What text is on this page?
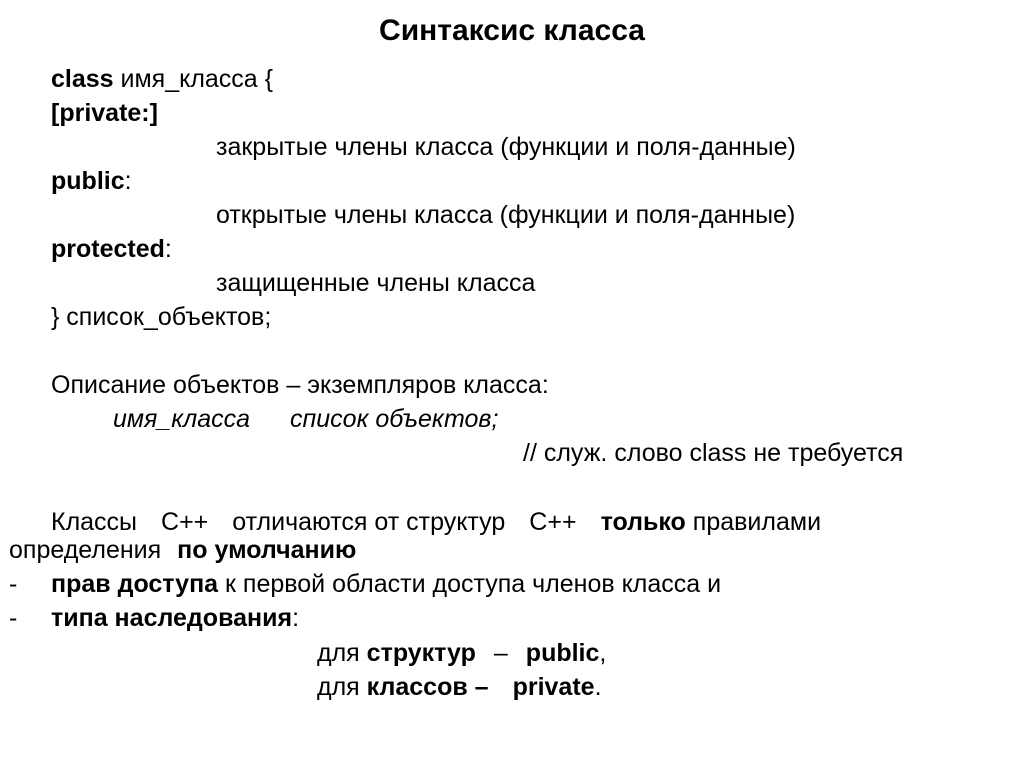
Синтаксис класса
class имя_класса {
[private:]
закрытые члены класса (функции и поля-данные)
public:
открытые члены класса (функции и поля-данные)
protected:
защищенные члены класса
} список_объектов;
Описание объектов – экземпляров класса:
имя_класса список объектов;
// служ. слово class не требуется
Классы С++ отличаются от структур С++ только правилами
определения по умолчанию
- прав доступа к первой области доступа членов класса и
- типа наследования:
для структур – public,
для классов – private.
